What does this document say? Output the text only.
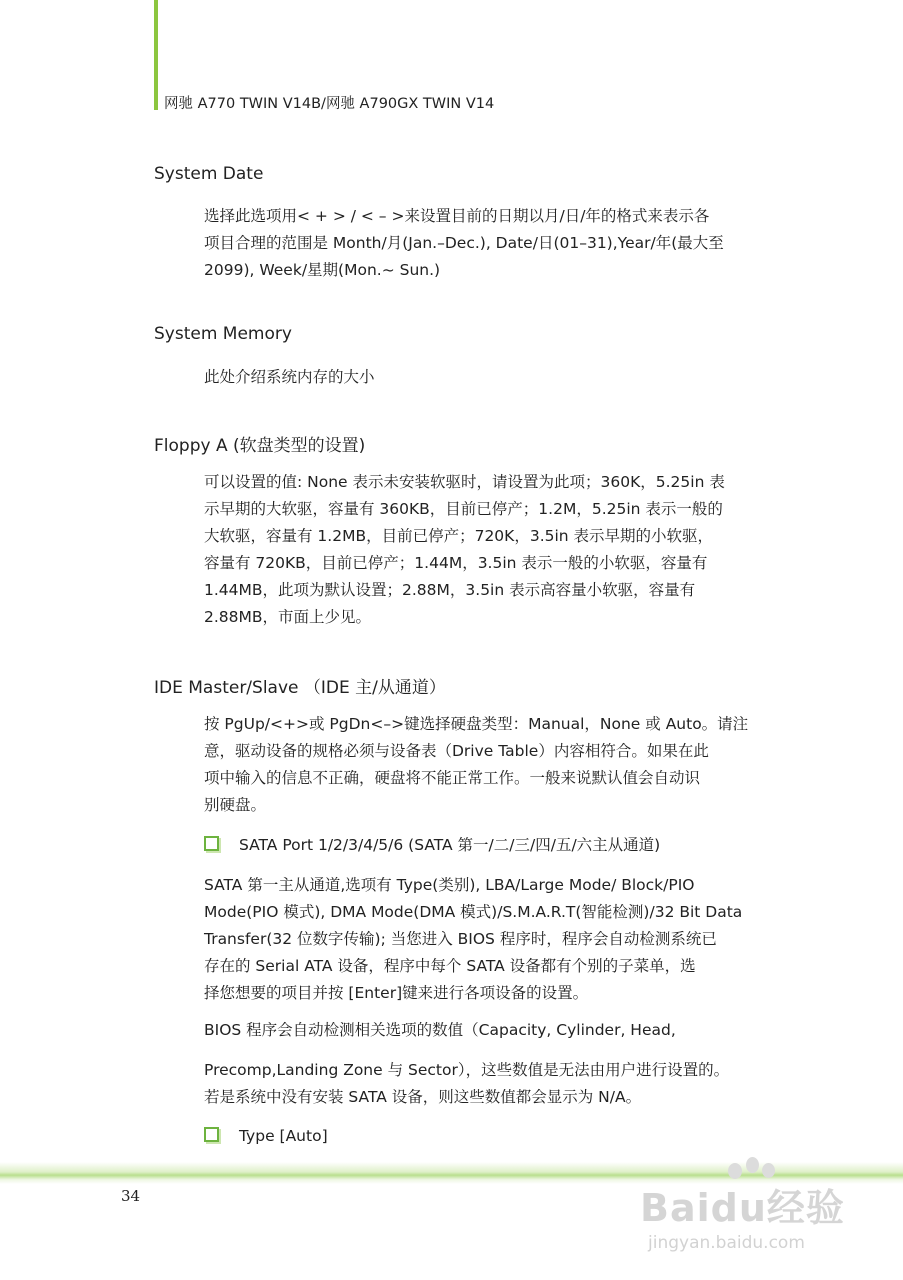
网驰 A770 TWIN V14B/网驰 A790GX TWIN V14
System Date
选择此选项用< + > / < – >来设置目前的日期以月/日/年的格式来表示各
项目合理的范围是 Month/月(Jan.–Dec.), Date/日(01–31),Year/年(最大至
2099), Week/星期(Mon.~ Sun.)
System Memory
此处介绍系统内存的大小
Floppy A (软盘类型的设置)
可以设置的值: None 表示未安装软驱时，请设置为此项；360K，5.25in 表
示早期的大软驱，容量有 360KB，目前已停产；1.2M，5.25in 表示一般的
大软驱，容量有 1.2MB，目前已停产；720K，3.5in 表示早期的小软驱，
容量有 720KB，目前已停产；1.44M，3.5in 表示一般的小软驱，容量有
1.44MB，此项为默认设置；2.88M，3.5in 表示高容量小软驱，容量有
2.88MB，市面上少见。
IDE Master/Slave （IDE 主/从通道）
按 PgUp/<+>或 PgDn<–>键选择硬盘类型：Manual，None 或 Auto。请注
意，驱动设备的规格必须与设备表（Drive Table）内容相符合。如果在此
项中输入的信息不正确，硬盘将不能正常工作。一般来说默认值会自动识
别硬盘。
SATA Port 1/2/3/4/5/6 (SATA 第一/二/三/四/五/六主从通道)
SATA 第一主从通道,选项有 Type(类别), LBA/Large Mode/ Block/PIO
Mode(PIO 模式), DMA Mode(DMA 模式)/S.M.A.R.T(智能检测)/32 Bit Data
Transfer(32 位数字传输); 当您进入 BIOS 程序时，程序会自动检测系统已
存在的 Serial ATA 设备，程序中每个 SATA 设备都有个别的子菜单，选
择您想要的项目并按 [Enter]键来进行各项设备的设置。
BIOS 程序会自动检测相关选项的数值（Capacity, Cylinder, Head,
Precomp,Landing Zone 与 Sector），这些数值是无法由用户进行设置的。
若是系统中没有安装 SATA 设备，则这些数值都会显示为 N/A。
Type [Auto]
34	Baidu经验
jingyan.baidu.com
